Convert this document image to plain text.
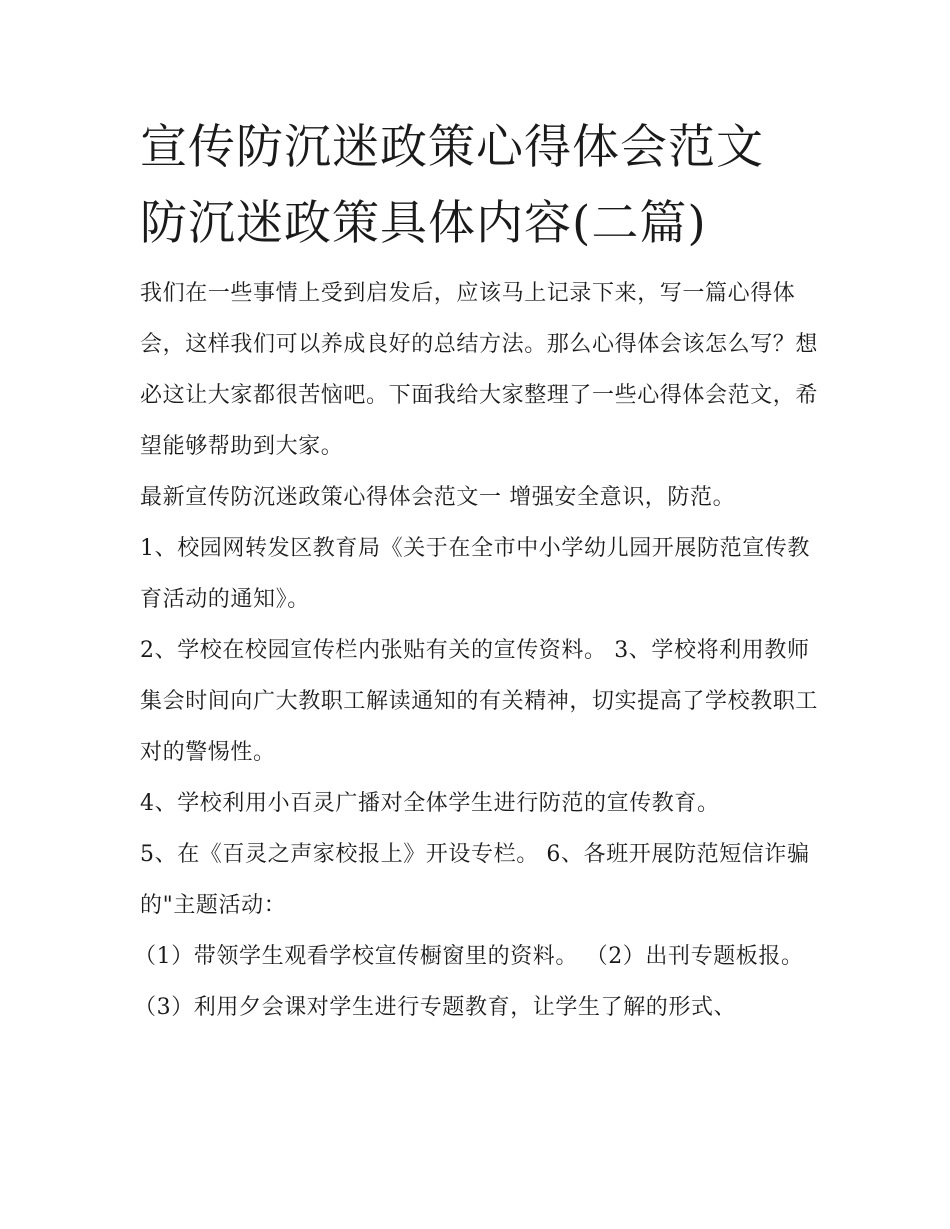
宣传防沉迷政策心得体会范文
防沉迷政策具体内容(二篇)

我们在一些事情上受到启发后，应该马上记录下来，写一篇心得体会，这样我们可以养成良好的总结方法。那么心得体会该怎么写？想必这让大家都很苦恼吧。下面我给大家整理了一些心得体会范文，希望能够帮助到大家。

最新宣传防沉迷政策心得体会范文一 增强安全意识，防范。

1、校园网转发区教育局《关于在全市中小学幼儿园开展防范宣传教育活动的通知》。

2、学校在校园宣传栏内张贴有关的宣传资料。 3、学校将利用教师集会时间向广大教职工解读通知的有关精神，切实提高了学校教职工对的警惕性。

4、学校利用小百灵广播对全体学生进行防范的宣传教育。

5、在《百灵之声家校报上》开设专栏。 6、各班开展防范短信诈骗的"主题活动：

（1）带领学生观看学校宣传橱窗里的资料。 （2）出刊专题板报。

（3）利用夕会课对学生进行专题教育，让学生了解的形式、
